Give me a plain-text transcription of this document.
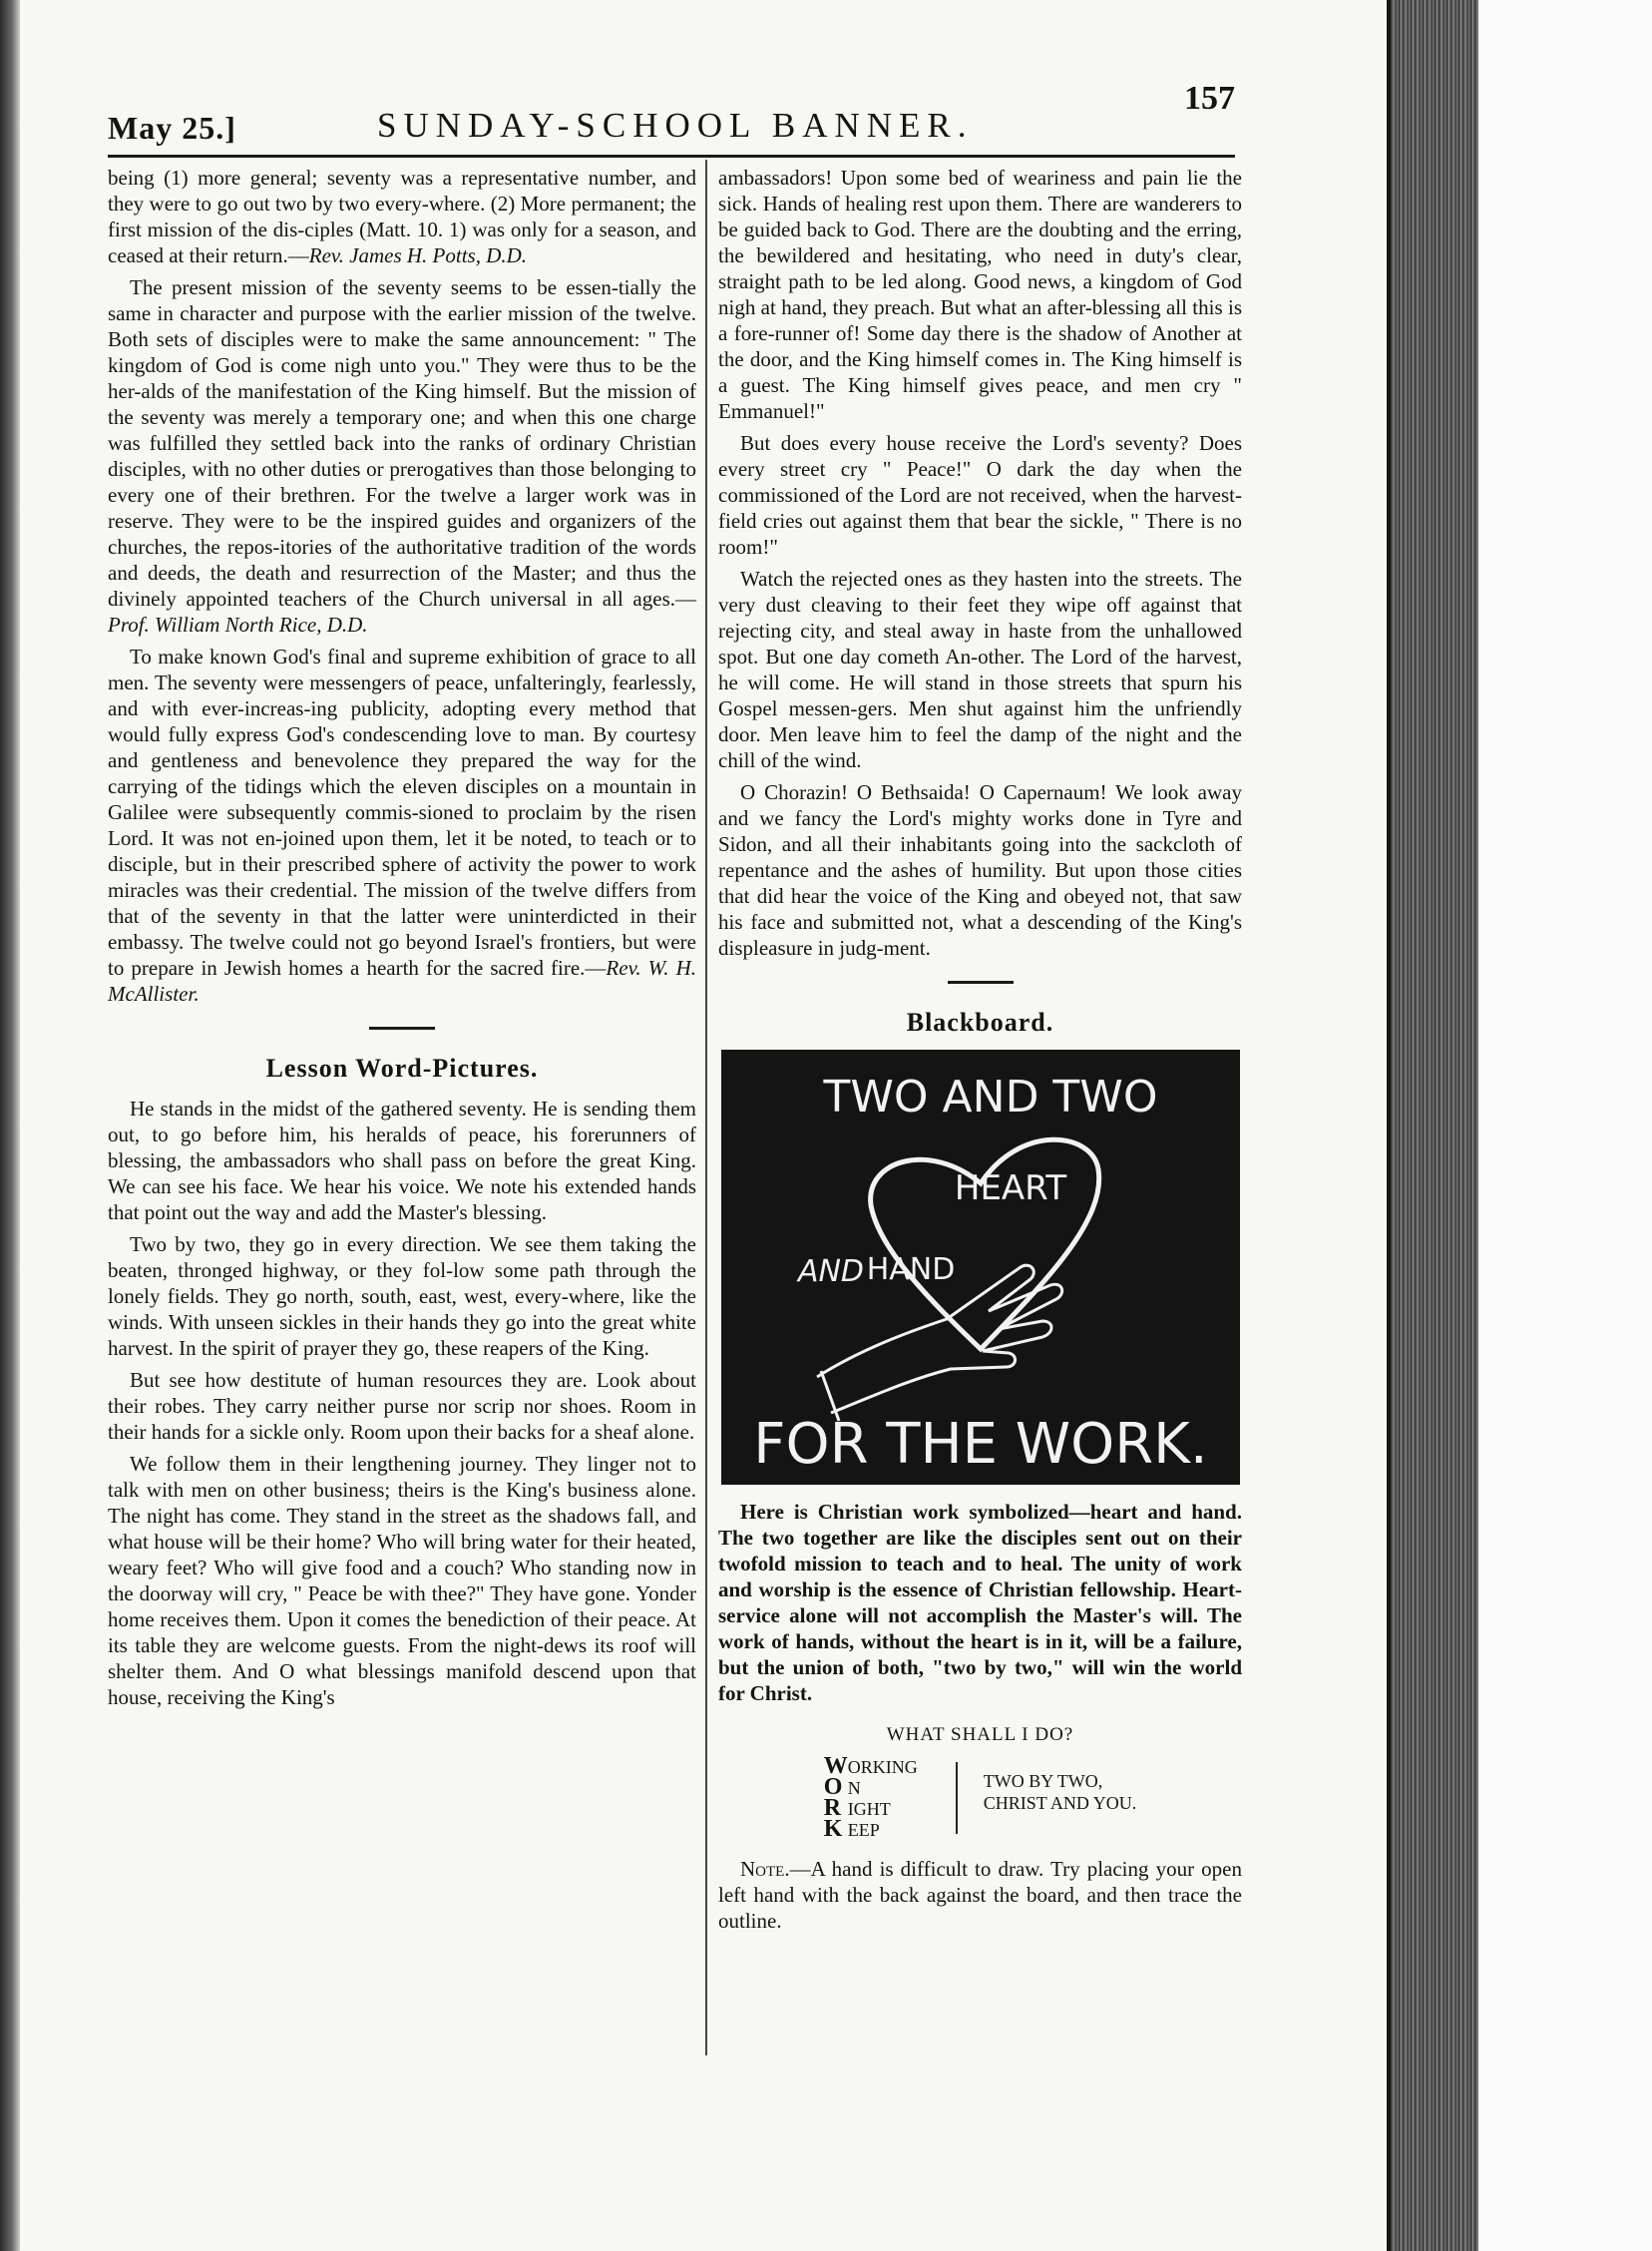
May 25.]	SUNDAY-SCHOOL BANNER.
157

being (1) more general; seventy was a representative number, and they were to go out two by two every-where. (2) More permanent; the first mission of the dis-ciples (Matt. 10. 1) was only for a season, and ceased at their return.—Rev. James H. Potts, D.D.

The present mission of the seventy seems to be essen-tially the same in character and purpose with the earlier mission of the twelve. Both sets of disciples were to make the same announcement: " The kingdom of God is come nigh unto you." They were thus to be the her-alds of the manifestation of the King himself. But the mission of the seventy was merely a temporary one; and when this one charge was fulfilled they settled back into the ranks of ordinary Christian disciples, with no other duties or prerogatives than those belonging to every one of their brethren. For the twelve a larger work was in reserve. They were to be the inspired guides and organizers of the churches, the repos-itories of the authoritative tradition of the words and deeds, the death and resurrection of the Master; and thus the divinely appointed teachers of the Church universal in all ages.—Prof. William North Rice, D.D.

To make known God's final and supreme exhibition of grace to all men. The seventy were messengers of peace, unfalteringly, fearlessly, and with ever-increas-ing publicity, adopting every method that would fully express God's condescending love to man. By courtesy and gentleness and benevolence they prepared the way for the carrying of the tidings which the eleven disciples on a mountain in Galilee were subsequently commis-sioned to proclaim by the risen Lord. It was not en-joined upon them, let it be noted, to teach or to disciple, but in their prescribed sphere of activity the power to work miracles was their credential. The mission of the twelve differs from that of the seventy in that the latter were uninterdicted in their embassy. The twelve could not go beyond Israel's frontiers, but were to prepare in Jewish homes a hearth for the sacred fire.—Rev. W. H. McAllister.

Lesson Word-Pictures.

He stands in the midst of the gathered seventy. He is sending them out, to go before him, his heralds of peace, his forerunners of blessing, the ambassadors who shall pass on before the great King. We can see his face. We hear his voice. We note his extended hands that point out the way and add the Master's blessing.

Two by two, they go in every direction. We see them taking the beaten, thronged highway, or they fol-low some path through the lonely fields. They go north, south, east, west, every-where, like the winds. With unseen sickles in their hands they go into the great white harvest. In the spirit of prayer they go, these reapers of the King.

But see how destitute of human resources they are. Look about their robes. They carry neither purse nor scrip nor shoes. Room in their hands for a sickle only. Room upon their backs for a sheaf alone.

We follow them in their lengthening journey. They linger not to talk with men on other business; theirs is the King's business alone. The night has come. They stand in the street as the shadows fall, and what house will be their home? Who will bring water for their heated, weary feet? Who will give food and a couch? Who standing now in the doorway will cry, " Peace be with thee?" They have gone. Yonder home receives them. Upon it comes the benediction of their peace. At its table they are welcome guests. From the night-dews its roof will shelter them. And O what blessings manifold descend upon that house, receiving the King's

ambassadors! Upon some bed of weariness and pain lie the sick. Hands of healing rest upon them. There are wanderers to be guided back to God. There are the doubting and the erring, the bewildered and hesitating, who need in duty's clear, straight path to be led along. Good news, a kingdom of God nigh at hand, they preach. But what an after-blessing all this is a fore-runner of! Some day there is the shadow of Another at the door, and the King himself comes in. The King himself is a guest. The King himself gives peace, and men cry " Emmanuel!"

But does every house receive the Lord's seventy? Does every street cry " Peace!" O dark the day when the commissioned of the Lord are not received, when the harvest-field cries out against them that bear the sickle, " There is no room!"

Watch the rejected ones as they hasten into the streets. The very dust cleaving to their feet they wipe off against that rejecting city, and steal away in haste from the unhallowed spot. But one day cometh An-other. The Lord of the harvest, he will come. He will stand in those streets that spurn his Gospel messen-gers. Men shut against him the unfriendly door. Men leave him to feel the damp of the night and the chill of the wind.

O Chorazin! O Bethsaida! O Capernaum! We look away and we fancy the Lord's mighty works done in Tyre and Sidon, and all their inhabitants going into the sackcloth of repentance and the ashes of humility. But upon those cities that did hear the voice of the King and obeyed not, that saw his face and submitted not, what a descending of the King's displeasure in judg-ment.

Blackboard.
TWO AND TWO
HEART
AND HAND
FOR THE WORK.

Here is Christian work symbolized—heart and hand. The two together are like the disciples sent out on their twofold mission to teach and to heal. The unity of work and worship is the essence of Christian fellowship. Heart-service alone will not accomplish the Master's will. The work of hands, without the heart is in it, will be a failure, but the union of both, "two by two," will win the world for Christ.

WHAT SHALL I DO?
WORKING
O N
R IGHT
K EEP
TWO BY TWO,
CHRIST AND YOU.

Note.—A hand is difficult to draw. Try placing your open left hand with the back against the board, and then trace the outline.
